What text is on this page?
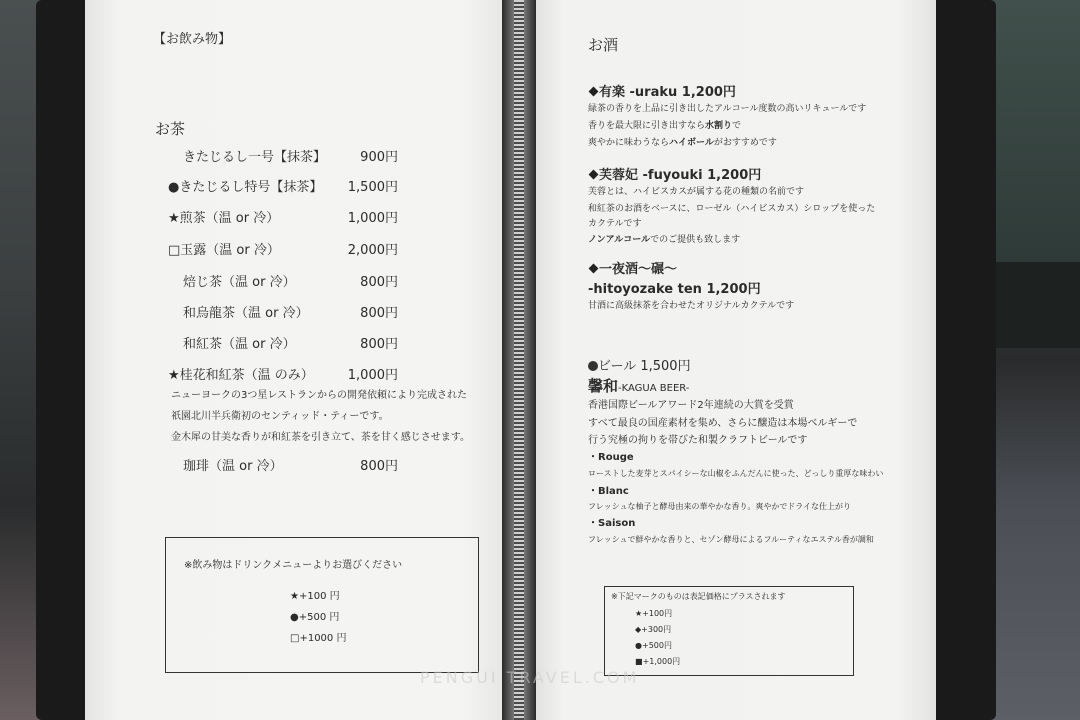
【お飲み物】
お茶
きたじるし一号【抹茶】	900円
●きたじるし特号【抹茶】 1,500円
★煎茶（温 or 冷）	1,000円
□玉露（温 or 冷）	2,000円
焙じ茶（温 or 冷）	800円
和烏龍茶（温 or 冷）	800円
和紅茶（温 or 冷）	800円
★桂花和紅茶（温 のみ）	1,000円
ニューヨークの3つ星レストランからの開発依頼により完成された
祇園北川半兵衛初のセンティッド・ティーです。
金木犀の甘美な香りが和紅茶を引き立て、茶を甘く感じさせます。
珈琲（温 or 冷）	800円
※飲み物はドリンクメニューよりお選びください
★+100 円
●+500 円
□+1000 円
お酒
有楽 -uraku 1,200円
緑茶の香りを上品に引き出したアルコール度数の高いリキュールです
香りを最大限に引き出すなら水割りで
爽やかに味わうならハイボールがおすすめです
芙蓉妃 -fuyouki 1,200円
芙蓉とは、ハイビスカスが属する花の種類の名前です
和紅茶のお酒をベースに、ローゼル（ハイビスカス）シロップを使った
カクテルです
ノンアルコールでのご提供も致します
一夜酒〜碾〜
-hitoyozake ten 1,200円
甘酒に高級抹茶を合わせたオリジナルカクテルです
ビール 1,500円
馨和-KAGUA BEER-
香港国際ビールアワード2年連続の大賞を受賞
すべて最良の国産素材を集め、さらに醸造は本場ベルギーで
行う究極の拘りを帯びた和製クラフトビールです
・Rouge
ローストした麦芽とスパイシーな山椒をふんだんに使った、どっしり重厚な味わい
・Blanc
フレッシュな柚子と酵母由来の華やかな香り。爽やかでドライな仕上がり
・Saison
フレッシュで鮮やかな香りと、セゾン酵母によるフルーティなエステル香が調和
※下記マークのものは表記価格にプラスされます
★+100円
◆+300円
●+500円
■+1,000円
PENGUI TRAVEL.COM
